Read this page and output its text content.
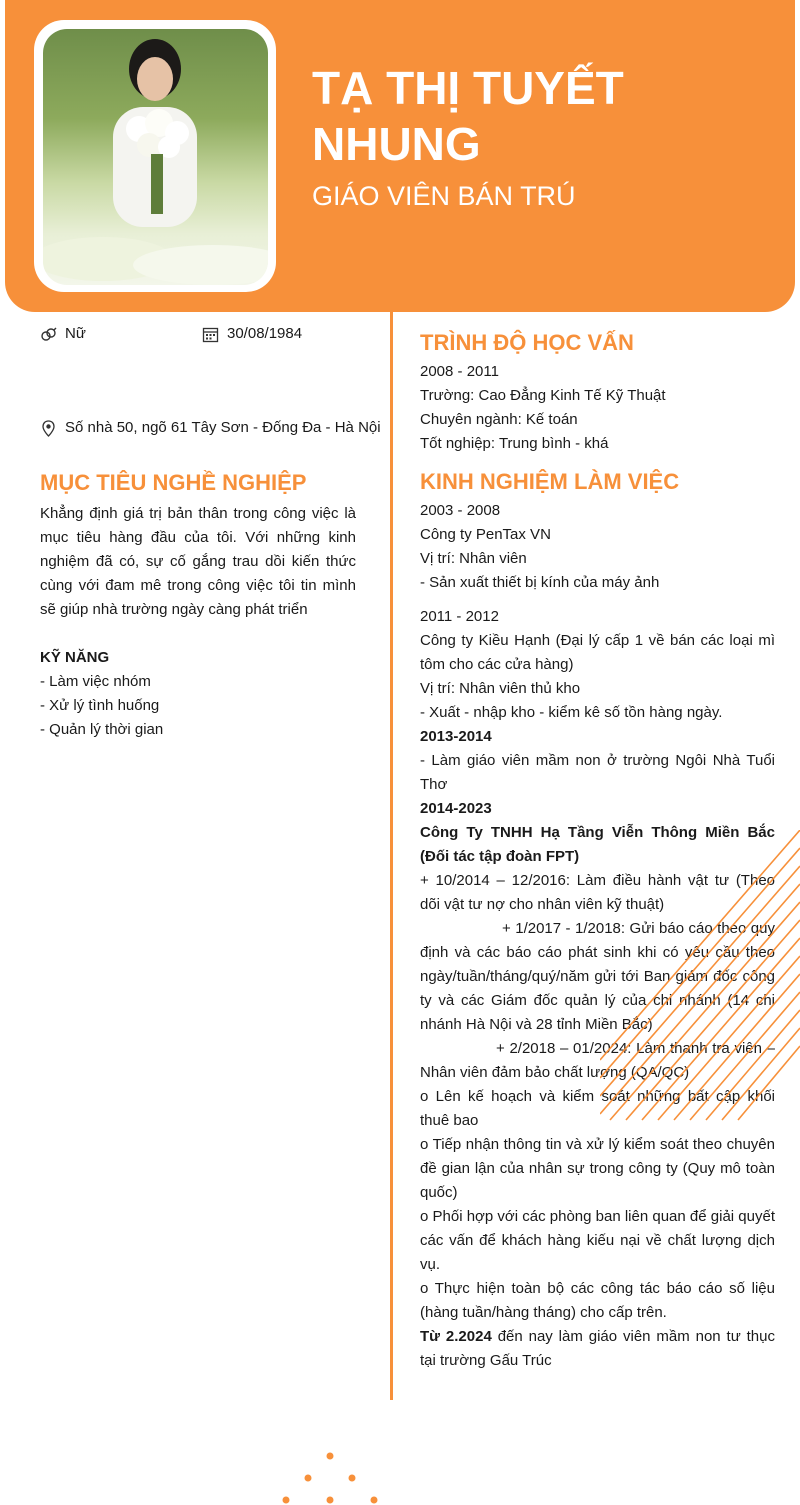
TẠ THỊ TUYẾT NHUNG

GIÁO VIÊN BÁN TRÚ

Nữ	30/08/1984
Số nhà 50, ngõ 61 Tây Sơn - Đống Đa - Hà Nội
MỤC TIÊU NGHỀ NGHIỆP

Khẳng định giá trị bản thân trong công việc là mục tiêu hàng đầu của tôi. Với những kinh nghiệm đã có, sự cố gắng trau dồi kiến thức cùng với đam mê trong công việc tôi tin mình sẽ giúp nhà trường ngày càng phát triển

KỸ NĂNG

- Làm việc nhóm
- Xử lý tình huống
- Quản lý thời gian
TRÌNH ĐỘ HỌC VẤN

2008 - 2011

Trường: Cao Đẳng Kinh Tế Kỹ Thuật

Chuyên ngành: Kế toán

Tốt nghiệp: Trung bình - khá

KINH NGHIỆM LÀM VIỆC

2003 - 2008

Công ty PenTax VN

Vị trí: Nhân viên

- Sản xuất thiết bị kính của máy ảnh

2011 - 2012

Công ty Kiều Hạnh (Đại lý cấp 1 về bán các loại mì tôm cho các cửa hàng)

Vị trí: Nhân viên thủ kho

- Xuất - nhập kho - kiểm kê số tồn hàng ngày.

2013-2014

- Làm giáo viên mầm non ở trường Ngôi Nhà Tuổi Thơ

2014-2023

Công Ty TNHH Hạ Tầng Viễn Thông Miền Bắc (Đối tác tập đoàn FPT)

+ 10/2014 – 12/2016: Làm điều hành vật tư (Theo dõi vật tư nợ cho nhân viên kỹ thuật)

+ 1/2017 - 1/2018: Gửi báo cáo theo quy định và các báo cáo phát sinh khi có yêu cầu theo ngày/tuần/tháng/quý/năm gửi tới Ban giám đốc công ty và các Giám đốc quản lý của chi nhánh (14 chi nhánh Hà Nội và 28 tỉnh Miền Bắc)

+ 2/2018 – 01/2024: Làm thanh tra viên – Nhân viên đảm bảo chất lượng (QA/QC)

o Lên kế hoạch và kiểm soát những bất cập khối thuê bao

o Tiếp nhận thông tin và xử lý kiểm soát theo chuyên đề gian lận của nhân sự trong công ty (Quy mô toàn quốc)

o Phối hợp với các phòng ban liên quan để giải quyết các vấn để khách hàng kiếu nại về chất lượng dịch vụ.

o Thực hiện toàn bộ các công tác báo cáo số liệu (hàng tuần/hàng tháng) cho cấp trên.

Từ 2.2024 đến nay làm giáo viên mầm non tư thục tại trường Gấu Trúc
